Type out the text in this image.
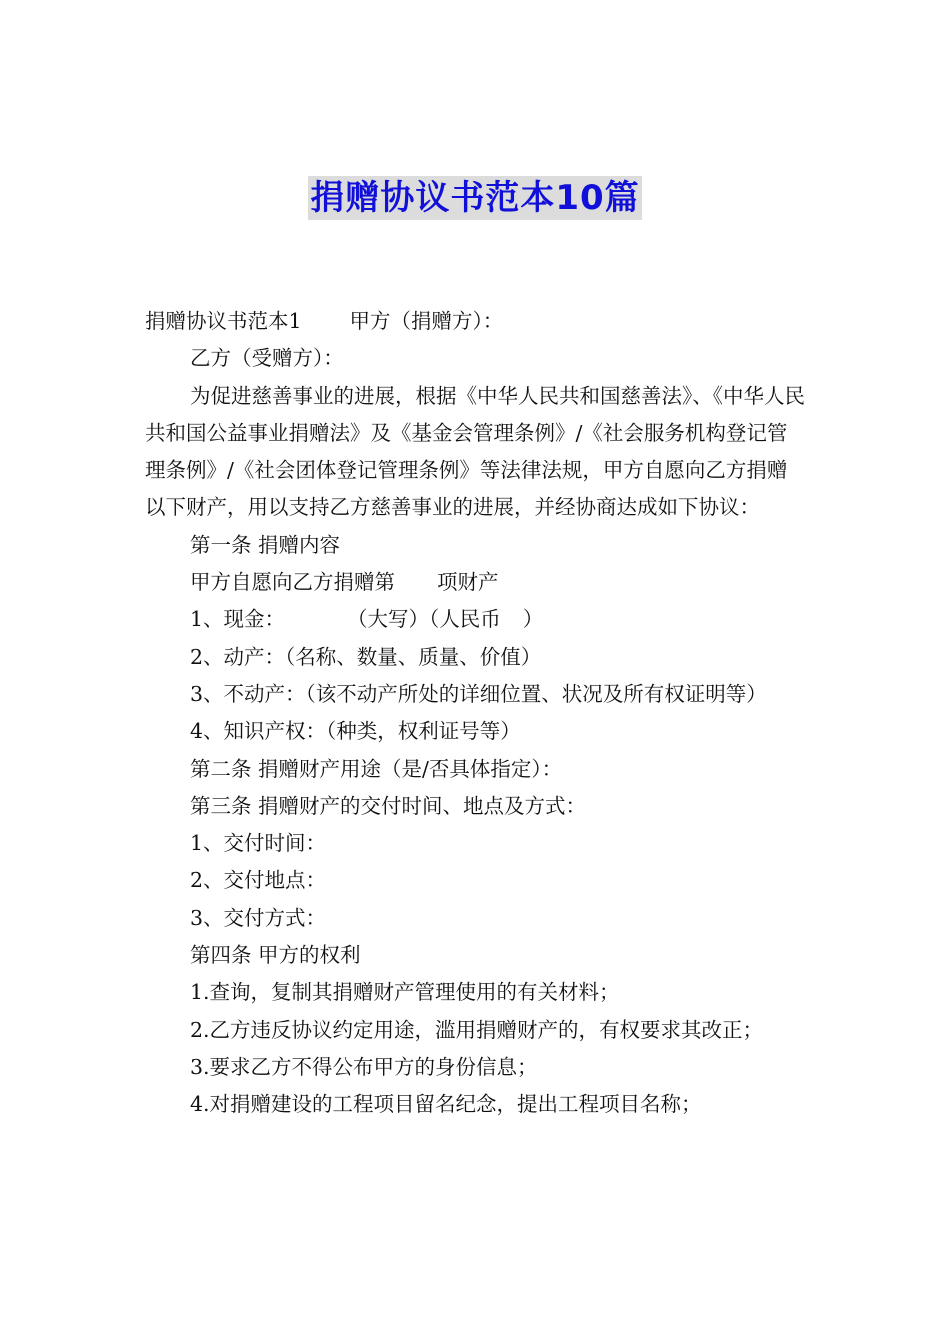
捐赠协议书范本10篇

捐赠协议书范本1 甲方（捐赠方）：

乙方（受赠方）：

为促进慈善事业的进展，根据《中华人民共和国慈善法》、《中华人民共和国公益事业捐赠法》及《基金会管理条例》/《社会服务机构登记管理条例》/《社会团体登记管理条例》等法律法规，甲方自愿向乙方捐赠以下财产，用以支持乙方慈善事业的进展，并经协商达成如下协议：

第一条 捐赠内容

甲方自愿向乙方捐赠第 项财产

1、现金：	（大写）（人民币 ）

2、动产：（名称、数量、质量、价值）

3、不动产：（该不动产所处的详细位置、状况及所有权证明等）

4、知识产权：（种类，权利证号等）

第二条 捐赠财产用途（是/否具体指定）：

第三条 捐赠财产的交付时间、地点及方式：

1、交付时间：

2、交付地点：

3、交付方式：

第四条 甲方的权利

1.查询，复制其捐赠财产管理使用的有关材料；

2.乙方违反协议约定用途，滥用捐赠财产的，有权要求其改正；

3.要求乙方不得公布甲方的身份信息；

4.对捐赠建设的工程项目留名纪念，提出工程项目名称；
